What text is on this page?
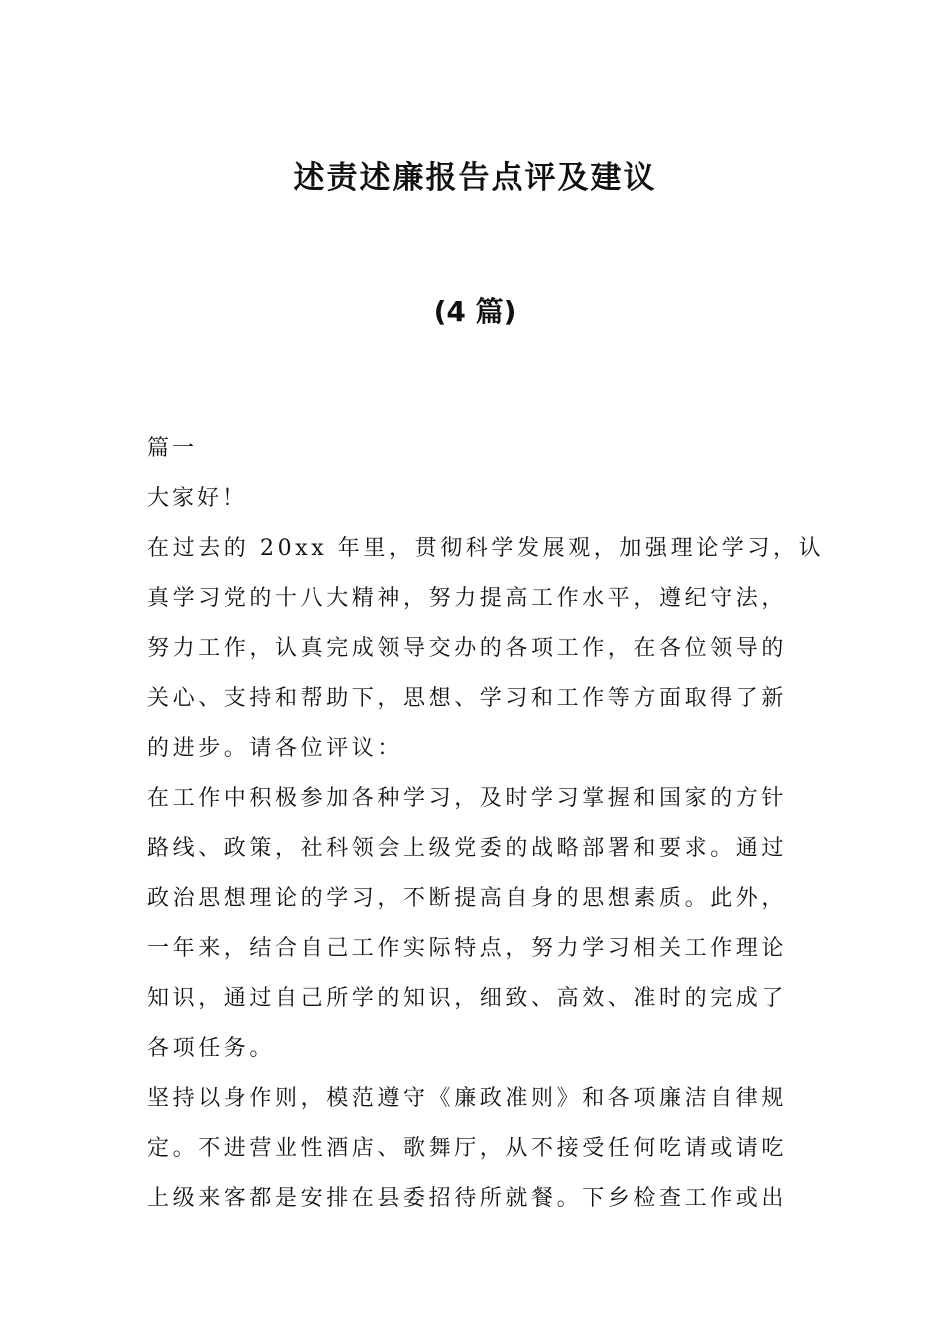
述责述廉报告点评及建议
(4 篇)
篇一
大家好！
在过去的 20xx 年里，贯彻科学发展观，加强理论学习，认
真学习党的十八大精神，努力提高工作水平，遵纪守法，
努力工作，认真完成领导交办的各项工作，在各位领导的
关心、支持和帮助下，思想、学习和工作等方面取得了新
的进步。请各位评议：
在工作中积极参加各种学习，及时学习掌握和国家的方针
路线、政策，社科领会上级党委的战略部署和要求。通过
政治思想理论的学习，不断提高自身的思想素质。此外，
一年来，结合自己工作实际特点，努力学习相关工作理论
知识，通过自己所学的知识，细致、高效、准时的完成了
各项任务。
坚持以身作则，模范遵守《廉政准则》和各项廉洁自律规
定。不进营业性酒店、歌舞厅，从不接受任何吃请或请吃
上级来客都是安排在县委招待所就餐。下乡检查工作或出
